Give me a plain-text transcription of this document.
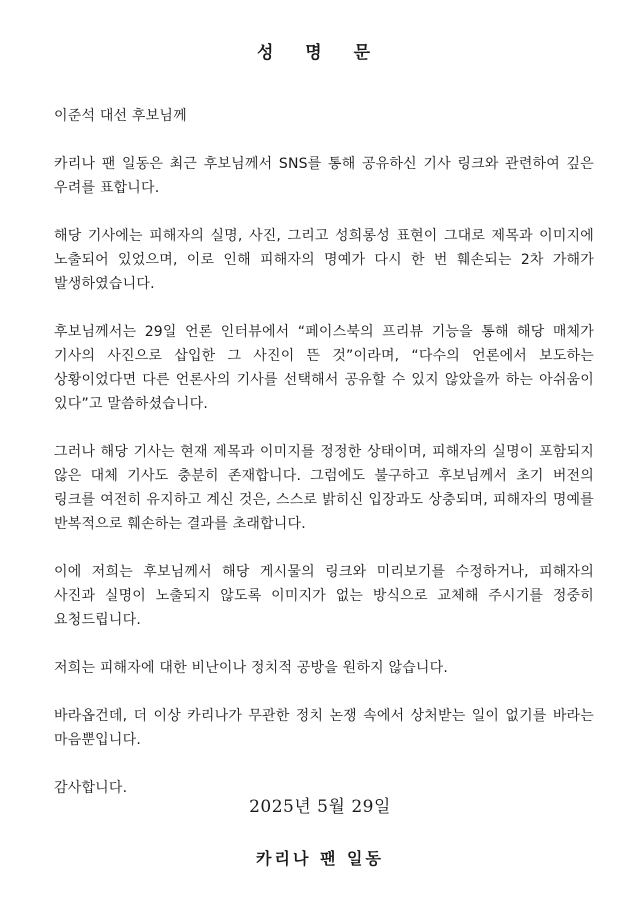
성 명 문

이준석 대선 후보님께

카리나 팬 일동은 최근 후보님께서 SNS를 통해 공유하신 기사 링크와 관련하여 깊은 우려를 표합니다.

해당 기사에는 피해자의 실명, 사진, 그리고 성희롱성 표현이 그대로 제목과 이미지에 노출되어 있었으며, 이로 인해 피해자의 명예가 다시 한 번 훼손되는 2차 가해가 발생하였습니다.

후보님께서는 29일 언론 인터뷰에서 “페이스북의 프리뷰 기능을 통해 해당 매체가 기사의 사진으로 삽입한 그 사진이 뜬 것”이라며, “다수의 언론에서 보도하는 상황이었다면 다른 언론사의 기사를 선택해서 공유할 수 있지 않았을까 하는 아쉬움이 있다”고 말씀하셨습니다.

그러나 해당 기사는 현재 제목과 이미지를 정정한 상태이며, 피해자의 실명이 포함되지 않은 대체 기사도 충분히 존재합니다. 그럼에도 불구하고 후보님께서 초기 버전의 링크를 여전히 유지하고 계신 것은, 스스로 밝히신 입장과도 상충되며, 피해자의 명예를 반복적으로 훼손하는 결과를 초래합니다.

이에 저희는 후보님께서 해당 게시물의 링크와 미리보기를 수정하거나, 피해자의 사진과 실명이 노출되지 않도록 이미지가 없는 방식으로 교체해 주시기를 정중히 요청드립니다.

저희는 피해자에 대한 비난이나 정치적 공방을 원하지 않습니다.

바라옵건데, 더 이상 카리나가 무관한 정치 논쟁 속에서 상처받는 일이 없기를 바라는 마음뿐입니다.

감사합니다.

2025년 5월 29일
카리나 팬 일동
